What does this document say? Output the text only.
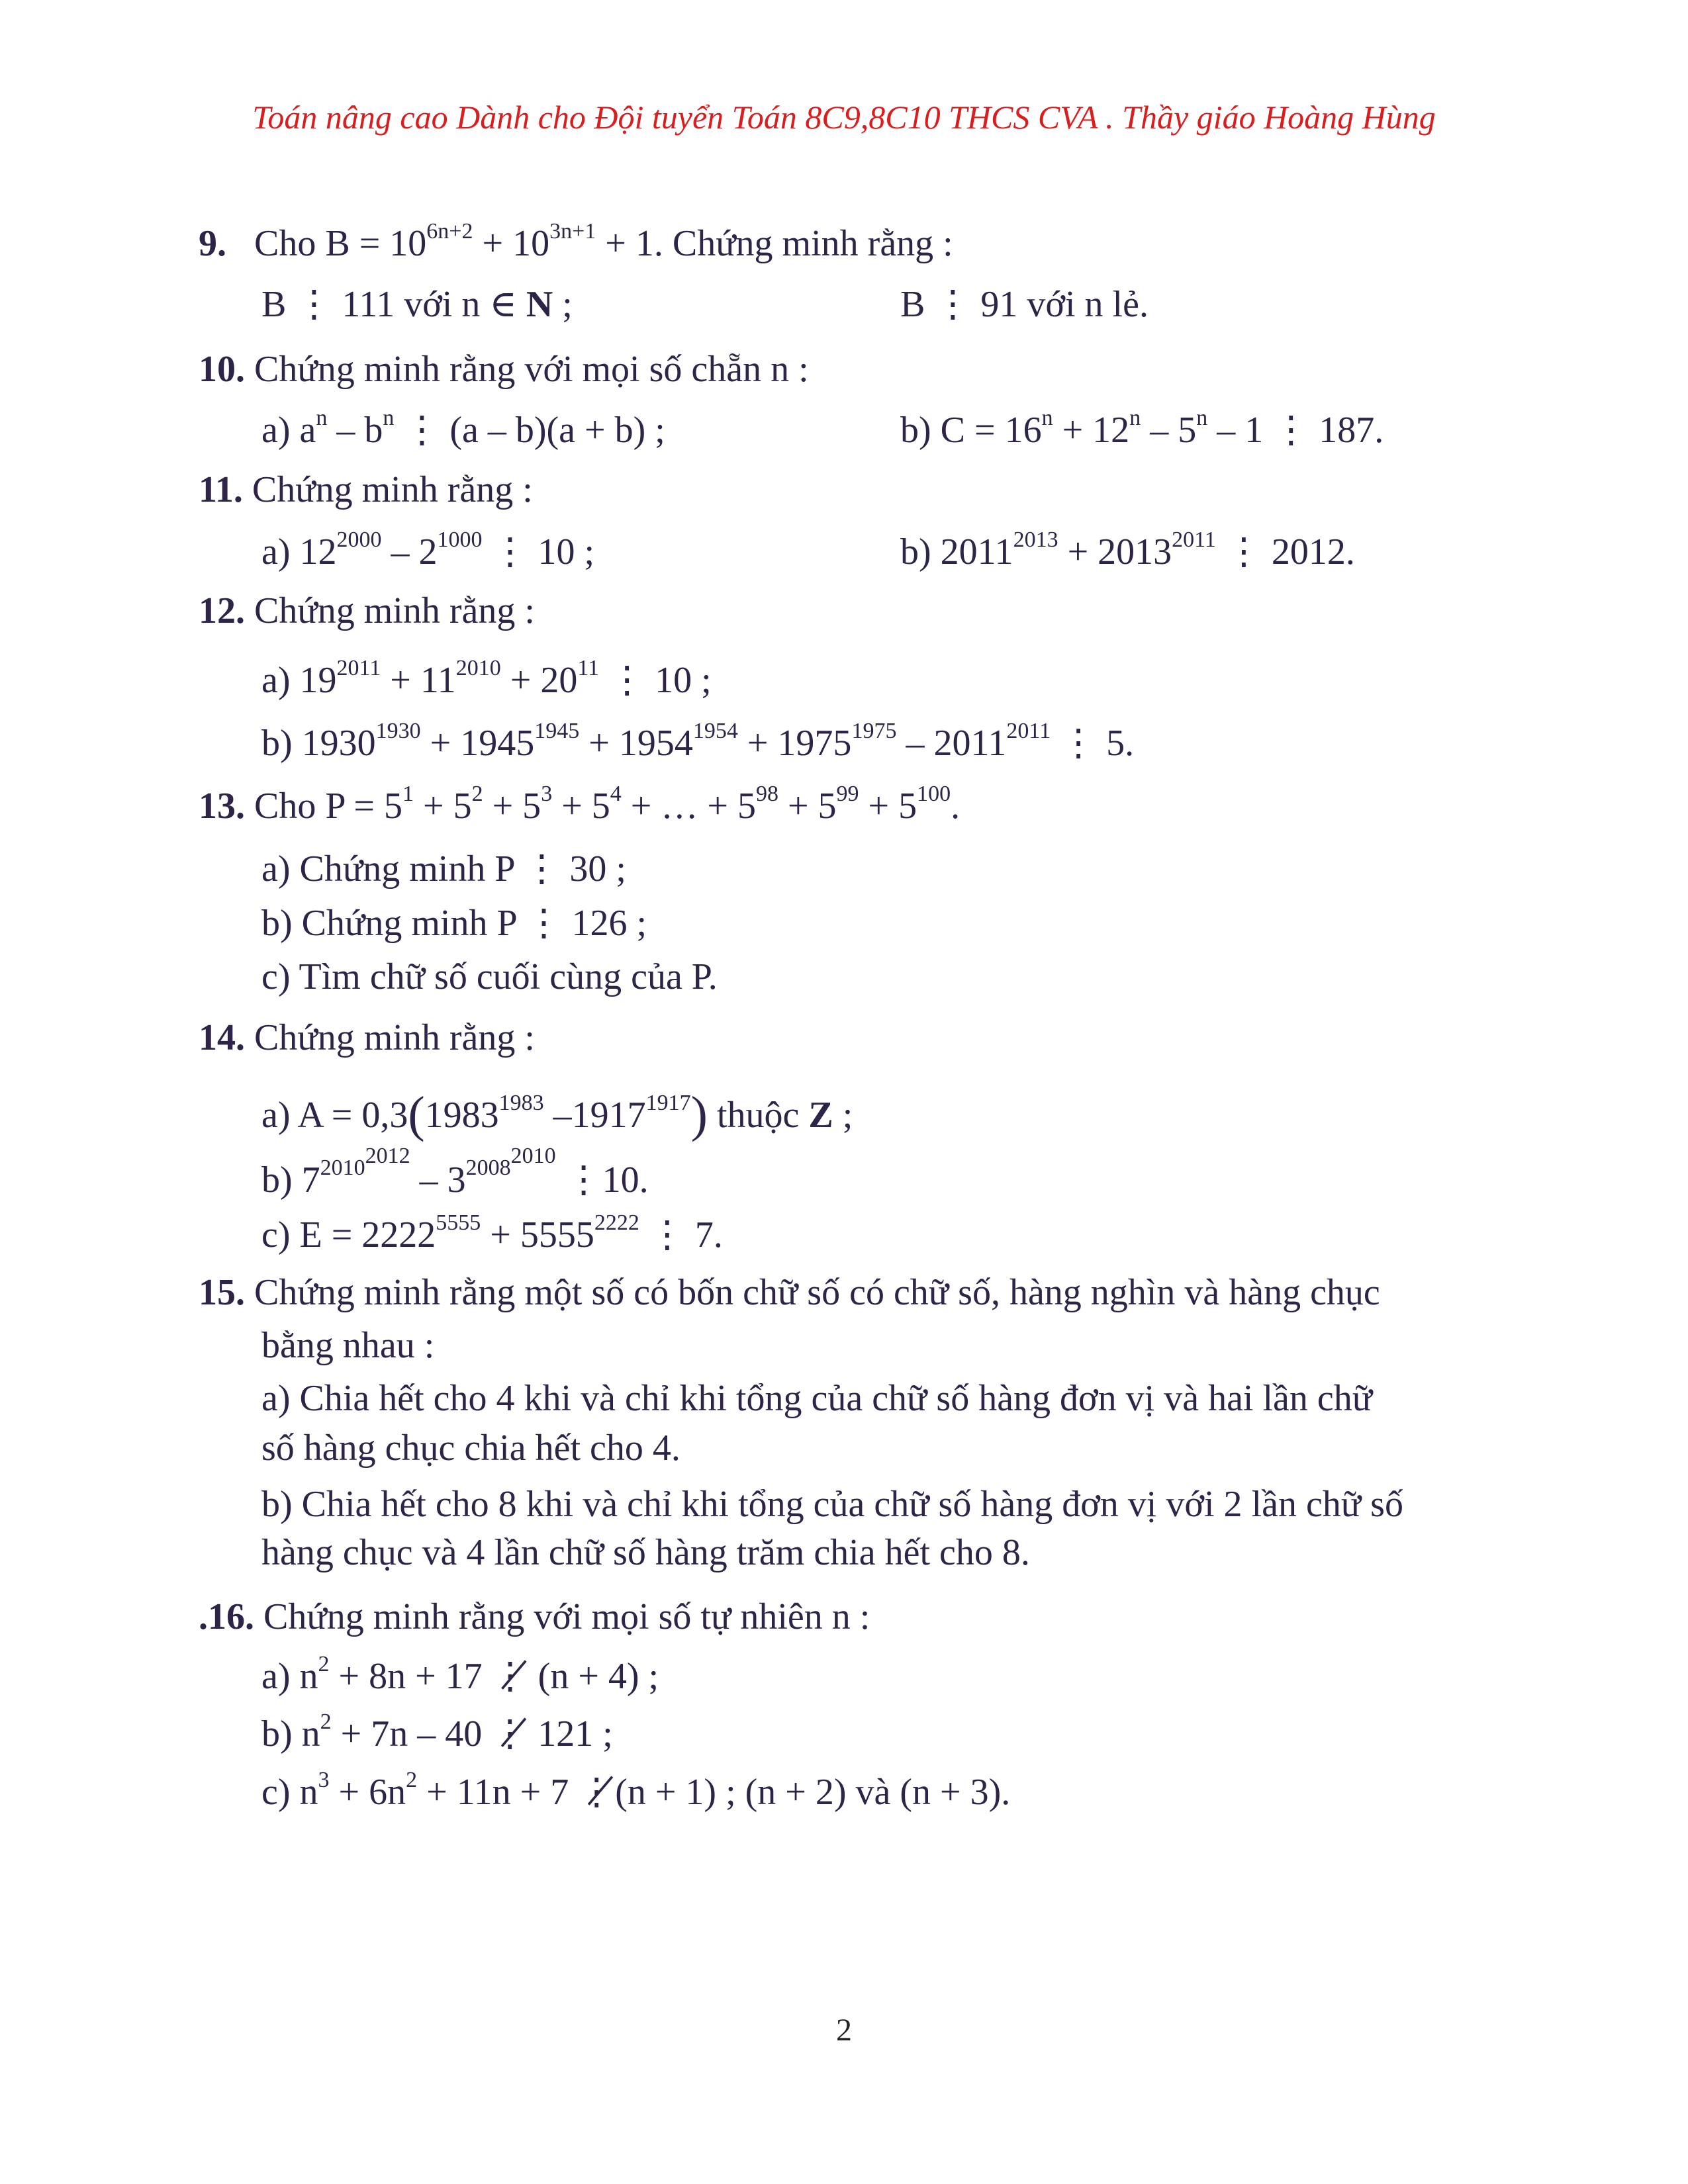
Toán nâng cao Dành cho Đội tuyển Toán 8C9,8C10 THCS CVA . Thầy giáo Hoàng Hùng
9. Cho $B = 10^{6n+2} + 10^{3n+1} + 1$. Chứng minh rằng :
B ⋮ 111 với n ∈ N ;	B ⋮ 91 với n lẻ.
10. Chứng minh rằng với mọi số chẵn n :
a) $a^n - b^n$ ⋮ (a – b)(a + b) ;	b) $C = 16^n + 12^n - 5^n - 1$ ⋮ 187.
11. Chứng minh rằng :
a) $12^{2000} - 2^{1000}$ ⋮ 10 ;	b) $2011^{2013} + 2013^{2011}$ ⋮ 2012.
12. Chứng minh rằng :
a) $19^{2011} + 11^{2010} + 20^{11}$ ⋮ 10 ;
b) $1930^{1930} + 1945^{1945} + 1954^{1954} + 1975^{1975} - 2011^{2011}$ ⋮ 5.
13. Cho $P = 5^1 + 5^2 + 5^3 + 5^4$ + … + $5^{98} + 5^{99} + 5^{100}$.
a) Chứng minh P ⋮ 30 ;
b) Chứng minh P ⋮ 126 ;
c) Tìm chữ số cuối cùng của P.
14. Chứng minh rằng :
a) $A = 0,3(1983^{1983}$ $-1917^{1917}$) thuộc Z ;
b) $7^{20102012} - 3^{20082010}$ ⋮10.
c) $E = 2222^{5555} + 5555^{2222}$ ⋮ 7.
15. Chứng minh rằng một số có bốn chữ số có chữ số, hàng nghìn và hàng chục
bằng nhau :
a) Chia hết cho 4 khi và chỉ khi tổng của chữ số hàng đơn vị và hai lần chữ
số hàng chục chia hết cho 4.
b) Chia hết cho 8 khi và chỉ khi tổng của chữ số hàng đơn vị với 2 lần chữ số
hàng chục và 4 lần chữ số hàng trăm chia hết cho 8.
.16. Chứng minh rằng với mọi số tự nhiên n :
a) $n^2 + 8n + 17$ ⋮̸ (n + 4) ;
b) $n^2 + 7n - 40$ ⋮̸ 121 ;
c) $n^3 + 6n^2 + 11n + 7$ ⋮̸(n + 1) ; (n + 2) và (n + 3).
2
